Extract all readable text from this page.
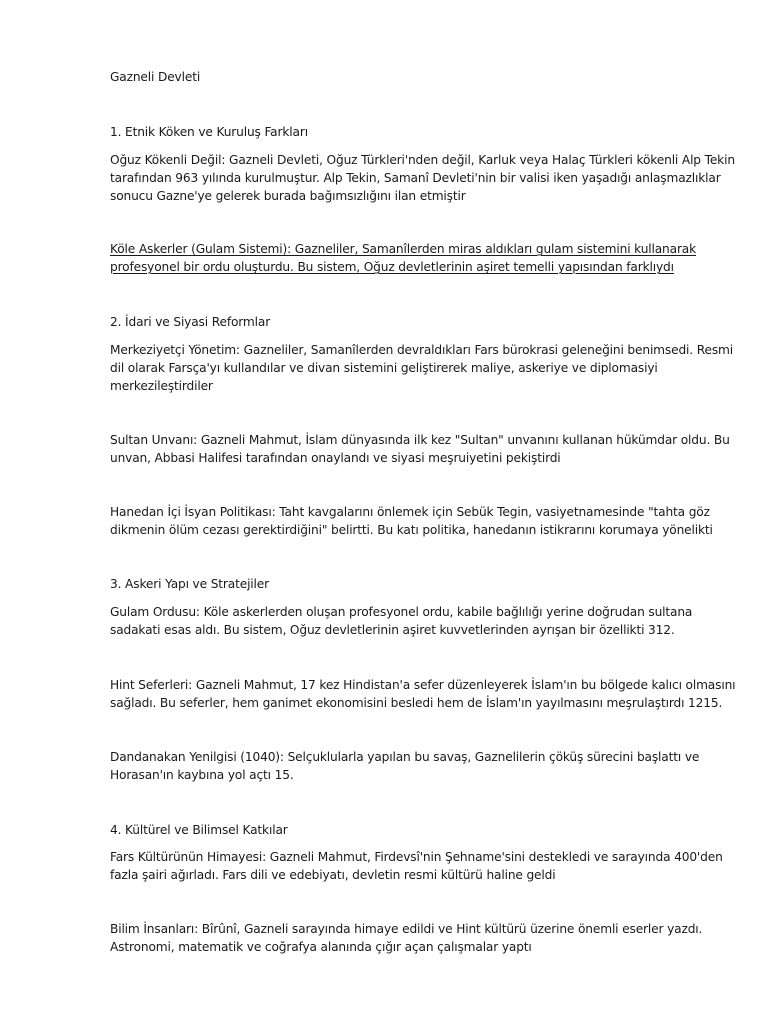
Gazneli Devleti
1. Etnik Köken ve Kuruluş Farkları
Oğuz Kökenli Değil: Gazneli Devleti, Oğuz Türkleri'nden değil, Karluk veya Halaç Türkleri kökenli Alp Tekin
tarafından 963 yılında kurulmuştur. Alp Tekin, Samanî Devleti'nin bir valisi iken yaşadığı anlaşmazlıklar
sonucu Gazne'ye gelerek burada bağımsızlığını ilan etmiştir
Köle Askerler (Gulam Sistemi): Gazneliler, Samanîlerden miras aldıkları gulam sistemini kullanarak
profesyonel bir ordu oluşturdu. Bu sistem, Oğuz devletlerinin aşiret temelli yapısından farklıydı
2. İdari ve Siyasi Reformlar
Merkeziyetçi Yönetim: Gazneliler, Samanîlerden devraldıkları Fars bürokrasi geleneğini benimsedi. Resmi
dil olarak Farsça'yı kullandılar ve divan sistemini geliştirerek maliye, askeriye ve diplomasiyi
merkezileştirdiler
Sultan Unvanı: Gazneli Mahmut, İslam dünyasında ilk kez "Sultan" unvanını kullanan hükümdar oldu. Bu
unvan, Abbasi Halifesi tarafından onaylandı ve siyasi meşruiyetini pekiştirdi
Hanedan İçi İsyan Politikası: Taht kavgalarını önlemek için Sebük Tegin, vasiyetnamesinde "tahta göz
dikmenin ölüm cezası gerektirdiğini" belirtti. Bu katı politika, hanedanın istikrarını korumaya yönelikti
3. Askeri Yapı ve Stratejiler
Gulam Ordusu: Köle askerlerden oluşan profesyonel ordu, kabile bağlılığı yerine doğrudan sultana
sadakati esas aldı. Bu sistem, Oğuz devletlerinin aşiret kuvvetlerinden ayrışan bir özellikti 312.
Hint Seferleri: Gazneli Mahmut, 17 kez Hindistan'a sefer düzenleyerek İslam'ın bu bölgede kalıcı olmasını
sağladı. Bu seferler, hem ganimet ekonomisini besledi hem de İslam'ın yayılmasını meşrulaştırdı 1215.
Dandanakan Yenilgisi (1040): Selçuklularla yapılan bu savaş, Gaznelilerin çöküş sürecini başlattı ve
Horasan'ın kaybına yol açtı 15.
4. Kültürel ve Bilimsel Katkılar
Fars Kültürünün Himayesi: Gazneli Mahmut, Firdevsî'nin Şehname'sini destekledi ve sarayında 400'den
fazla şairi ağırladı. Fars dili ve edebiyatı, devletin resmi kültürü haline geldi
Bilim İnsanları: Bîrûnî, Gazneli sarayında himaye edildi ve Hint kültürü üzerine önemli eserler yazdı.
Astronomi, matematik ve coğrafya alanında çığır açan çalışmalar yaptı
